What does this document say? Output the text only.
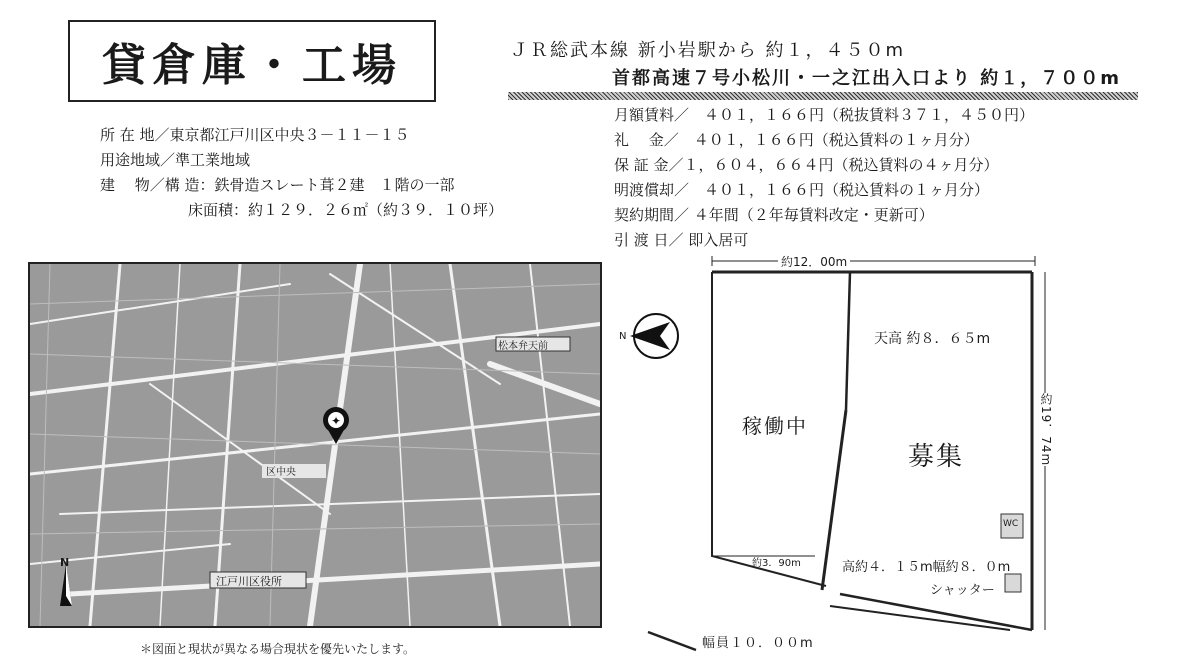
貸倉庫・工場	ＪＲ総武本線 新小岩駅から 約１，４５０m
首都高速７号小松川・一之江出入口より 約１，７００m
所 在 地／東京都江戸川区中央３－１１－１５
用途地域／準工業地域
建　 物／構 造：鉄骨造スレート葺２建　１階の一部
床面積：約１２９．２６㎡（約３９．１０坪）
月額賃料／　４０１，１６６円（税抜賃料３７１，４５０円）
礼　 金／　４０１，１６６円（税込賃料の１ヶ月分）
保 証 金／１，６０４，６６４円（税込賃料の４ヶ月分）
明渡償却／　４０１，１６６円（税込賃料の１ヶ月分）
契約期間／ ４年間（２年毎賃料改定・更新可）
引 渡 日／ 即入居可
✦
松本弁天前
江戸川区役所
区中央
N
約12．00m
約19．74m
天高 約８．６５m
稼働中
募集
約3．90m	高約４．１５m幅約８．０m
シャッター
WC
幅員１０．００m
N
＊図面と現状が異なる場合現状を優先いたします。
